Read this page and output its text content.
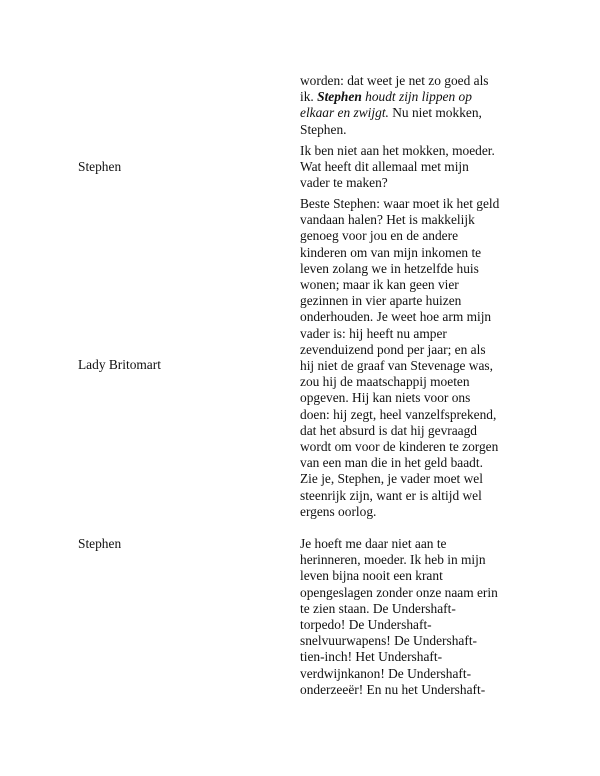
worden: dat weet je net zo goed als
ik. Stephen houdt zijn lippen op
elkaar en zwijgt. Nu niet mokken,
Stephen.
Stephen
Ik ben niet aan het mokken, moeder.
Wat heeft dit allemaal met mijn
vader te maken?
Lady Britomart
Beste Stephen: waar moet ik het geld
vandaan halen? Het is makkelijk
genoeg voor jou en de andere
kinderen om van mijn inkomen te
leven zolang we in hetzelfde huis
wonen; maar ik kan geen vier
gezinnen in vier aparte huizen
onderhouden. Je weet hoe arm mijn
vader is: hij heeft nu amper
zevenduizend pond per jaar; en als
hij niet de graaf van Stevenage was,
zou hij de maatschappij moeten
opgeven. Hij kan niets voor ons
doen: hij zegt, heel vanzelfsprekend,
dat het absurd is dat hij gevraagd
wordt om voor de kinderen te zorgen
van een man die in het geld baadt.
Zie je, Stephen, je vader moet wel
steenrijk zijn, want er is altijd wel
ergens oorlog.
Stephen	Je hoeft me daar niet aan te
herinneren, moeder. Ik heb in mijn
leven bijna nooit een krant
opengeslagen zonder onze naam erin
te zien staan. De Undershaft-
torpedo! De Undershaft-
snelvuurwapens! De Undershaft-
tien-inch! Het Undershaft-
verdwijnkanon! De Undershaft-
onderzeeër! En nu het Undershaft-
